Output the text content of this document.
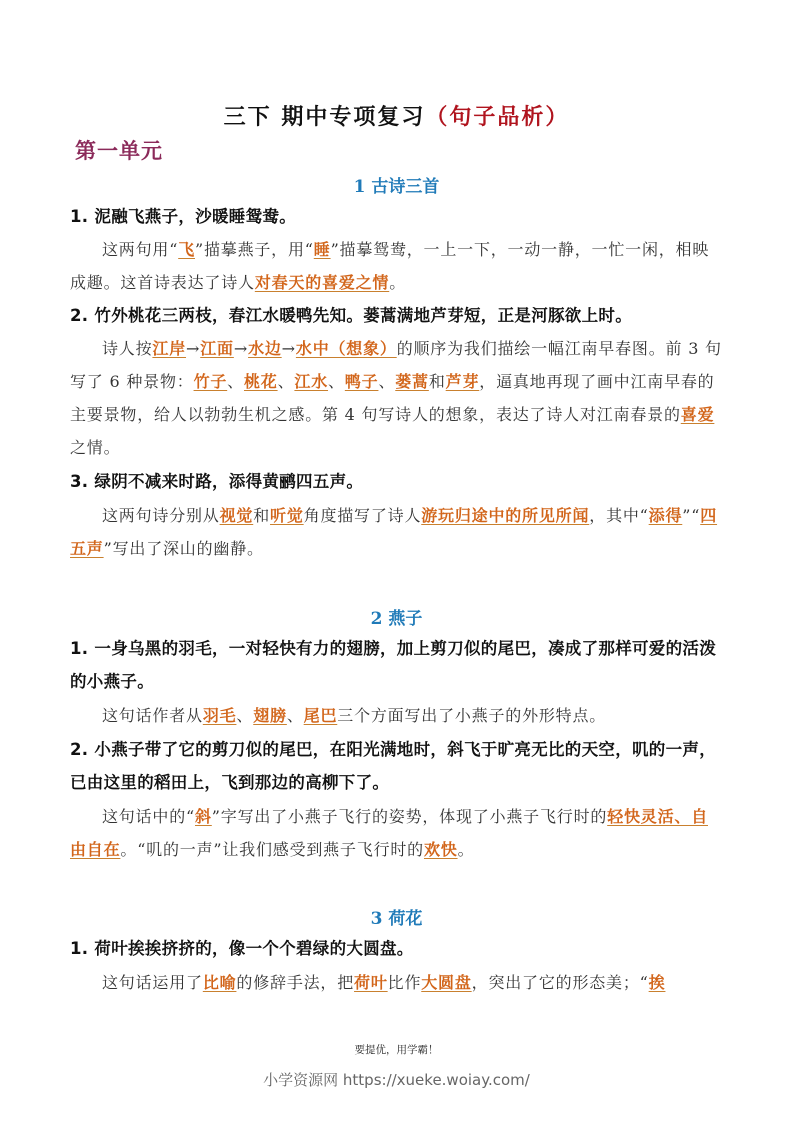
三下 期中专项复习（句子品析）
第一单元
1 古诗三首
1. 泥融飞燕子，沙暖睡鸳鸯。
这两句用“飞”描摹燕子，用“睡”描摹鸳鸯，一上一下，一动一静，一忙一闲，相映成趣。这首诗表达了诗人对春天的喜爱之情。
2. 竹外桃花三两枝，春江水暖鸭先知。蒌蒿满地芦芽短，正是河豚欲上时。
诗人按江岸→江面→水边→水中（想象）的顺序为我们描绘一幅江南早春图。前 3 句写了 6 种景物：竹子、桃花、江水、鸭子、蒌蒿和芦芽，逼真地再现了画中江南早春的主要景物，给人以勃勃生机之感。第 4 句写诗人的想象，表达了诗人对江南春景的喜爱之情。
3. 绿阴不减来时路，添得黄鹂四五声。
这两句诗分别从视觉和听觉角度描写了诗人游玩归途中的所见所闻，其中“添得”“四五声”写出了深山的幽静。
2 燕子
1. 一身乌黑的羽毛，一对轻快有力的翅膀，加上剪刀似的尾巴，凑成了那样可爱的活泼的小燕子。
这句话作者从羽毛、翅膀、尾巴三个方面写出了小燕子的外形特点。
2. 小燕子带了它的剪刀似的尾巴，在阳光满地时，斜飞于旷亮无比的天空，叽的一声，已由这里的稻田上，飞到那边的高柳下了。
这句话中的“斜”字写出了小燕子飞行的姿势，体现了小燕子飞行时的轻快灵活、自由自在。“叽的一声”让我们感受到燕子飞行时的欢快。
3 荷花
1. 荷叶挨挨挤挤的，像一个个碧绿的大圆盘。
这句话运用了比喻的修辞手法，把荷叶比作大圆盘，突出了它的形态美；“挨
要提优，用学霸！
小学资源网 https://xueke.woiay.com/
